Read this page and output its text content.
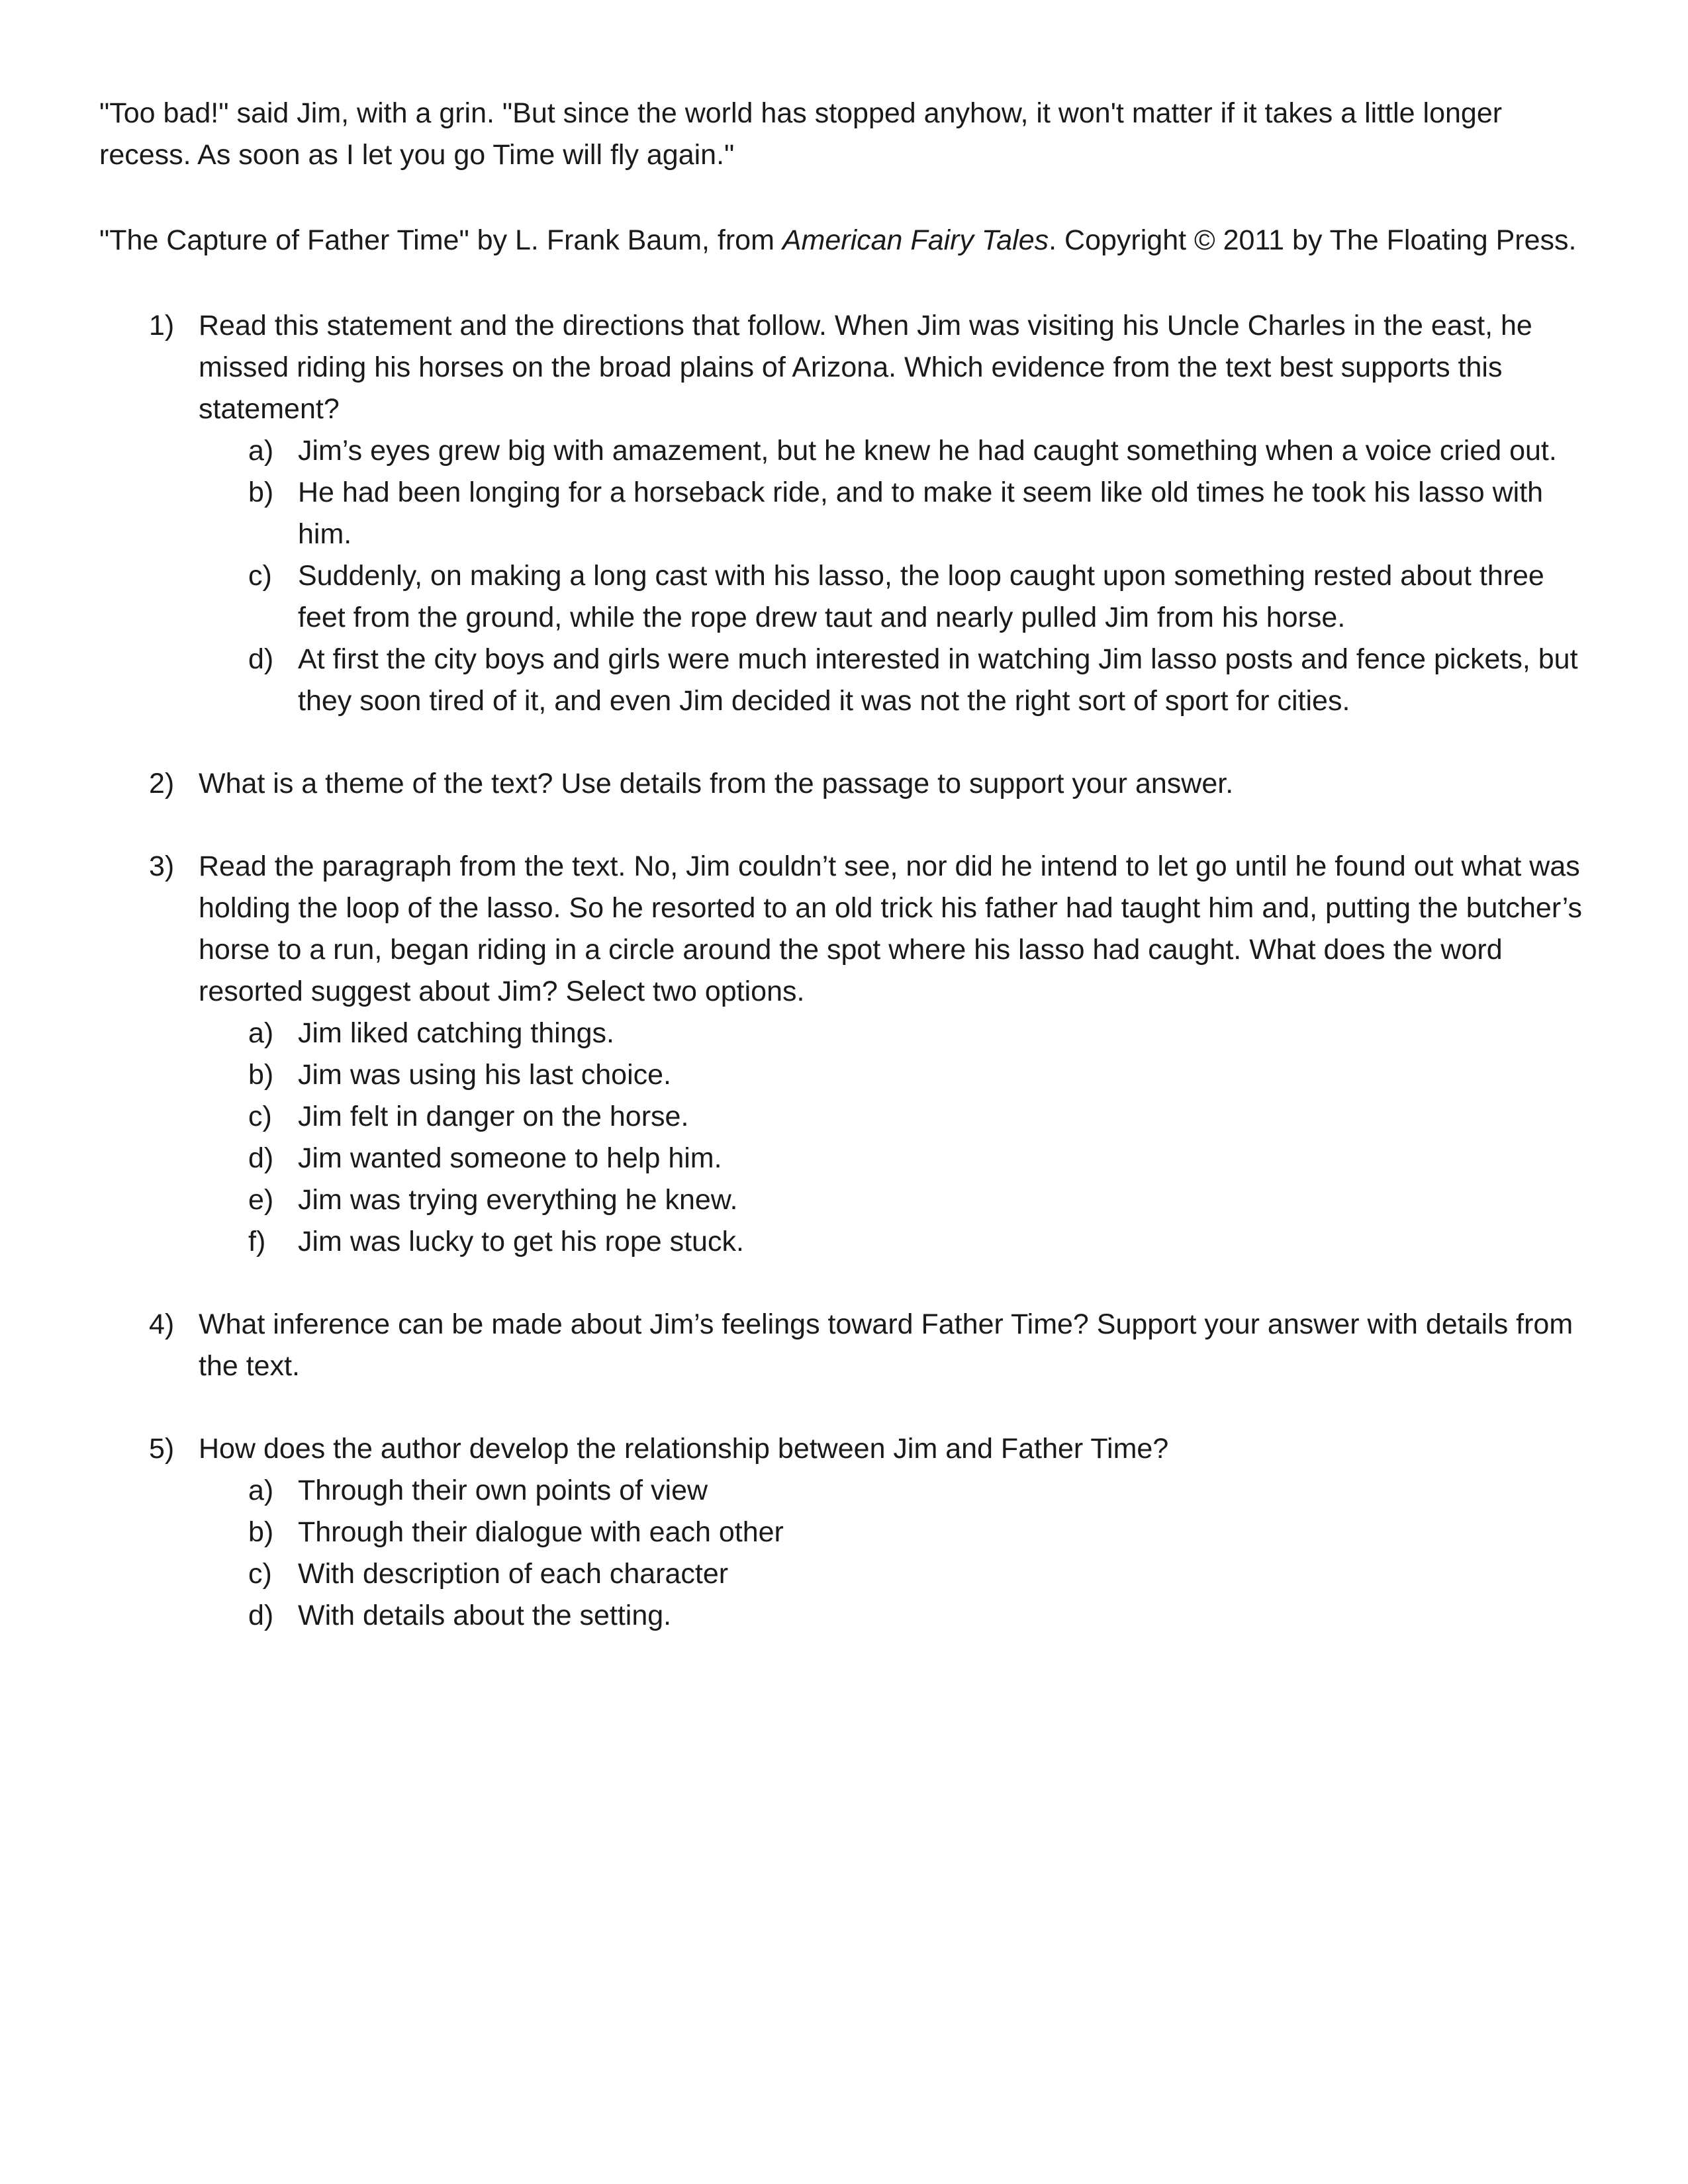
"Too bad!" said Jim, with a grin. "But since the world has stopped anyhow, it won't matter if it takes a little longer recess. As soon as I let you go Time will fly again."

"The Capture of Father Time" by L. Frank Baum, from American Fairy Tales. Copyright © 2011 by The Floating Press.

1) Read this statement and the directions that follow. When Jim was visiting his Uncle Charles in the east, he missed riding his horses on the broad plains of Arizona. Which evidence from the text best supports this statement?
a) Jim’s eyes grew big with amazement, but he knew he had caught something when a voice cried out.
b) He had been longing for a horseback ride, and to make it seem like old times he took his lasso with him.
c) Suddenly, on making a long cast with his lasso, the loop caught upon something rested about three feet from the ground, while the rope drew taut and nearly pulled Jim from his horse.
d) At first the city boys and girls were much interested in watching Jim lasso posts and fence pickets, but they soon tired of it, and even Jim decided it was not the right sort of sport for cities.
2) What is a theme of the text? Use details from the passage to support your answer.
3) Read the paragraph from the text. No, Jim couldn’t see, nor did he intend to let go until he found out what was holding the loop of the lasso. So he resorted to an old trick his father had taught him and, putting the butcher’s horse to a run, began riding in a circle around the spot where his lasso had caught. What does the word resorted suggest about Jim? Select two options.
a) Jim liked catching things.
b) Jim was using his last choice.
c) Jim felt in danger on the horse.
d) Jim wanted someone to help him.
e) Jim was trying everything he knew.
f) Jim was lucky to get his rope stuck.
4) What inference can be made about Jim’s feelings toward Father Time? Support your answer with details from the text.
5) How does the author develop the relationship between Jim and Father Time?
a) Through their own points of view
b) Through their dialogue with each other
c) With description of each character
d) With details about the setting.
